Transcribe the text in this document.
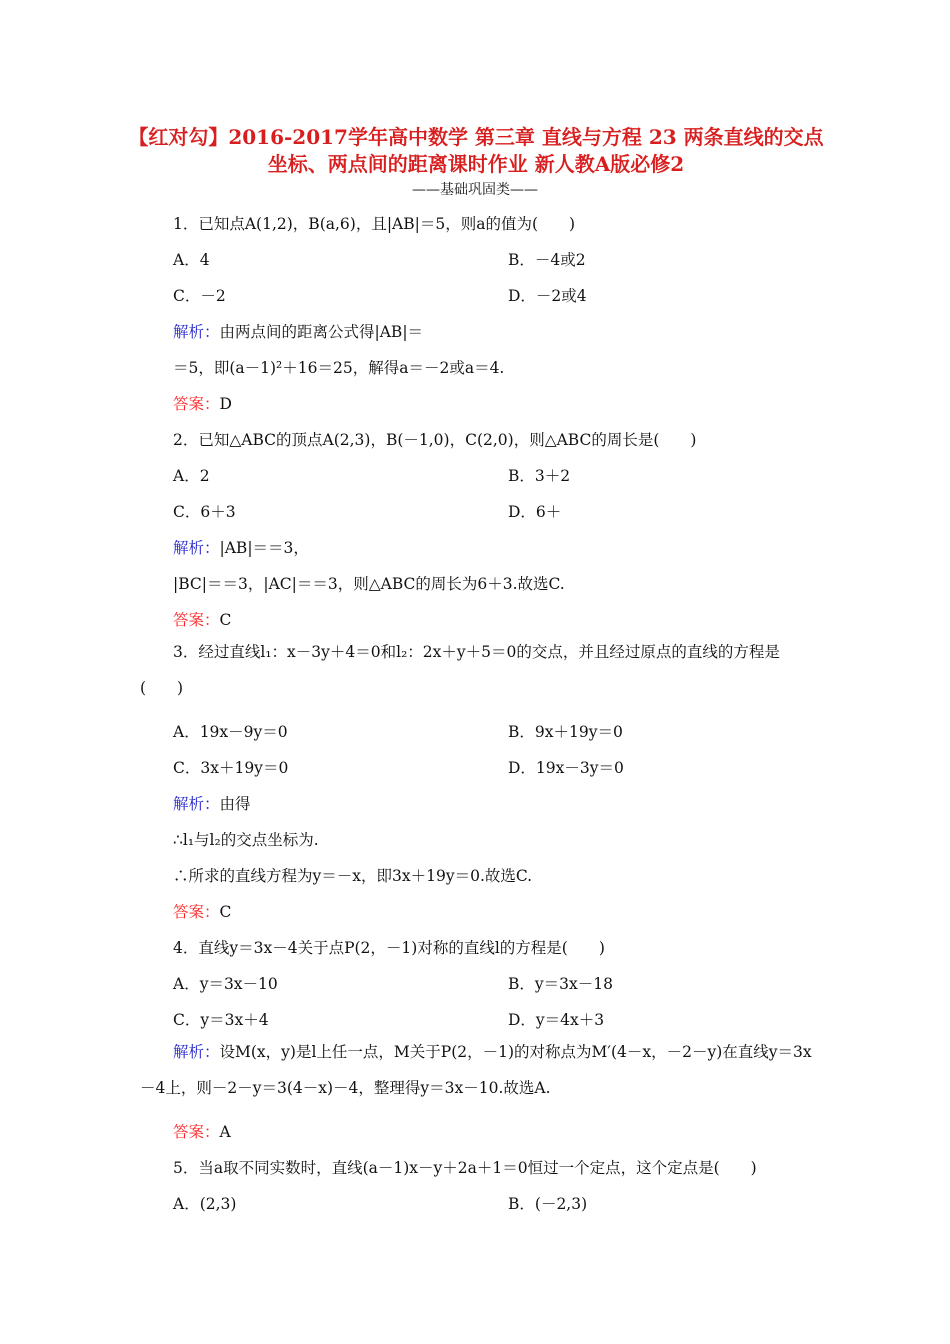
【红对勾】2016-2017学年高中数学 第三章 直线与方程 23 两条直线的交点坐标、两点间的距离课时作业 新人教A版必修2
——基础巩固类——
1．已知点A(1,2)，B(a,6)，且|AB|＝5，则a的值为(　　)
A．4	B．－4或2
C．－2	D．－2或4
解析：由两点间的距离公式得|AB|＝
＝5，即(a－1)²＋16＝25，解得a＝－2或a＝4.
答案：D
2．已知△ABC的顶点A(2,3)，B(－1,0)，C(2,0)，则△ABC的周长是(　　)
A．2	B．3＋2
C．6＋3	D．6＋
解析：|AB|＝＝3，
|BC|＝＝3，|AC|＝＝3，则△ABC的周长为6＋3.故选C.
答案：C
3．经过直线l₁：x－3y＋4＝0和l₂：2x＋y＋5＝0的交点，并且经过原点的直线的方程是(　　)
A．19x－9y＝0	B．9x＋19y＝0
C．3x＋19y＝0	D．19x－3y＝0
解析：由得
∴l₁与l₂的交点坐标为.
∴所求的直线方程为y＝－x，即3x＋19y＝0.故选C.
答案：C
4．直线y＝3x－4关于点P(2，－1)对称的直线l的方程是(　　)
A．y＝3x－10	B．y＝3x－18
C．y＝3x＋4	D．y＝4x＋3
解析：设M(x，y)是l上任一点，M关于P(2，－1)的对称点为M′(4－x，－2－y)在直线y＝3x－4上，则－2－y＝3(4－x)－4，整理得y＝3x－10.故选A.
答案：A
5．当a取不同实数时，直线(a－1)x－y＋2a＋1＝0恒过一个定点，这个定点是(　　)
A．(2,3)	B．(－2,3)
